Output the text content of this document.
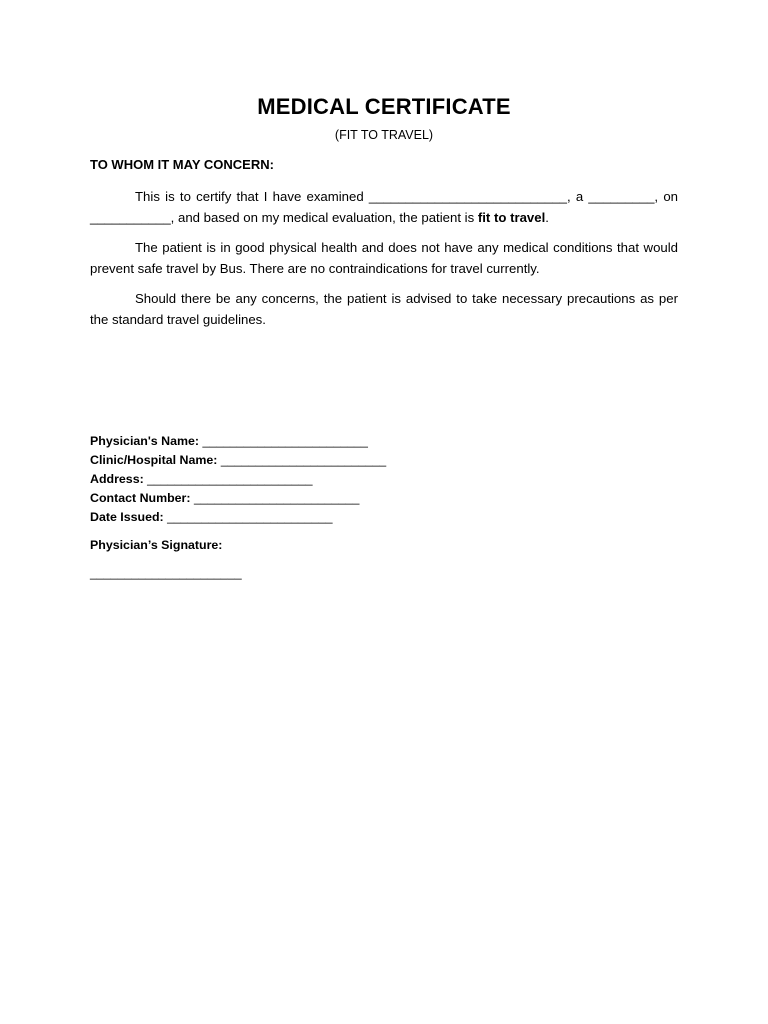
MEDICAL CERTIFICATE
(FIT TO TRAVEL)
TO WHOM IT MAY CONCERN:

This is to certify that I have examined ___________________________, a _________, on ___________, and based on my medical evaluation, the patient is fit to travel.

The patient is in good physical health and does not have any medical conditions that would prevent safe travel by Bus. There are no contraindications for travel currently.

Should there be any concerns, the patient is advised to take necessary precautions as per the standard travel guidelines.

Physician's Name: ________________________
Clinic/Hospital Name: ________________________
Address: ________________________
Contact Number: ________________________
Date Issued: ________________________
Physician’s Signature:
______________________
